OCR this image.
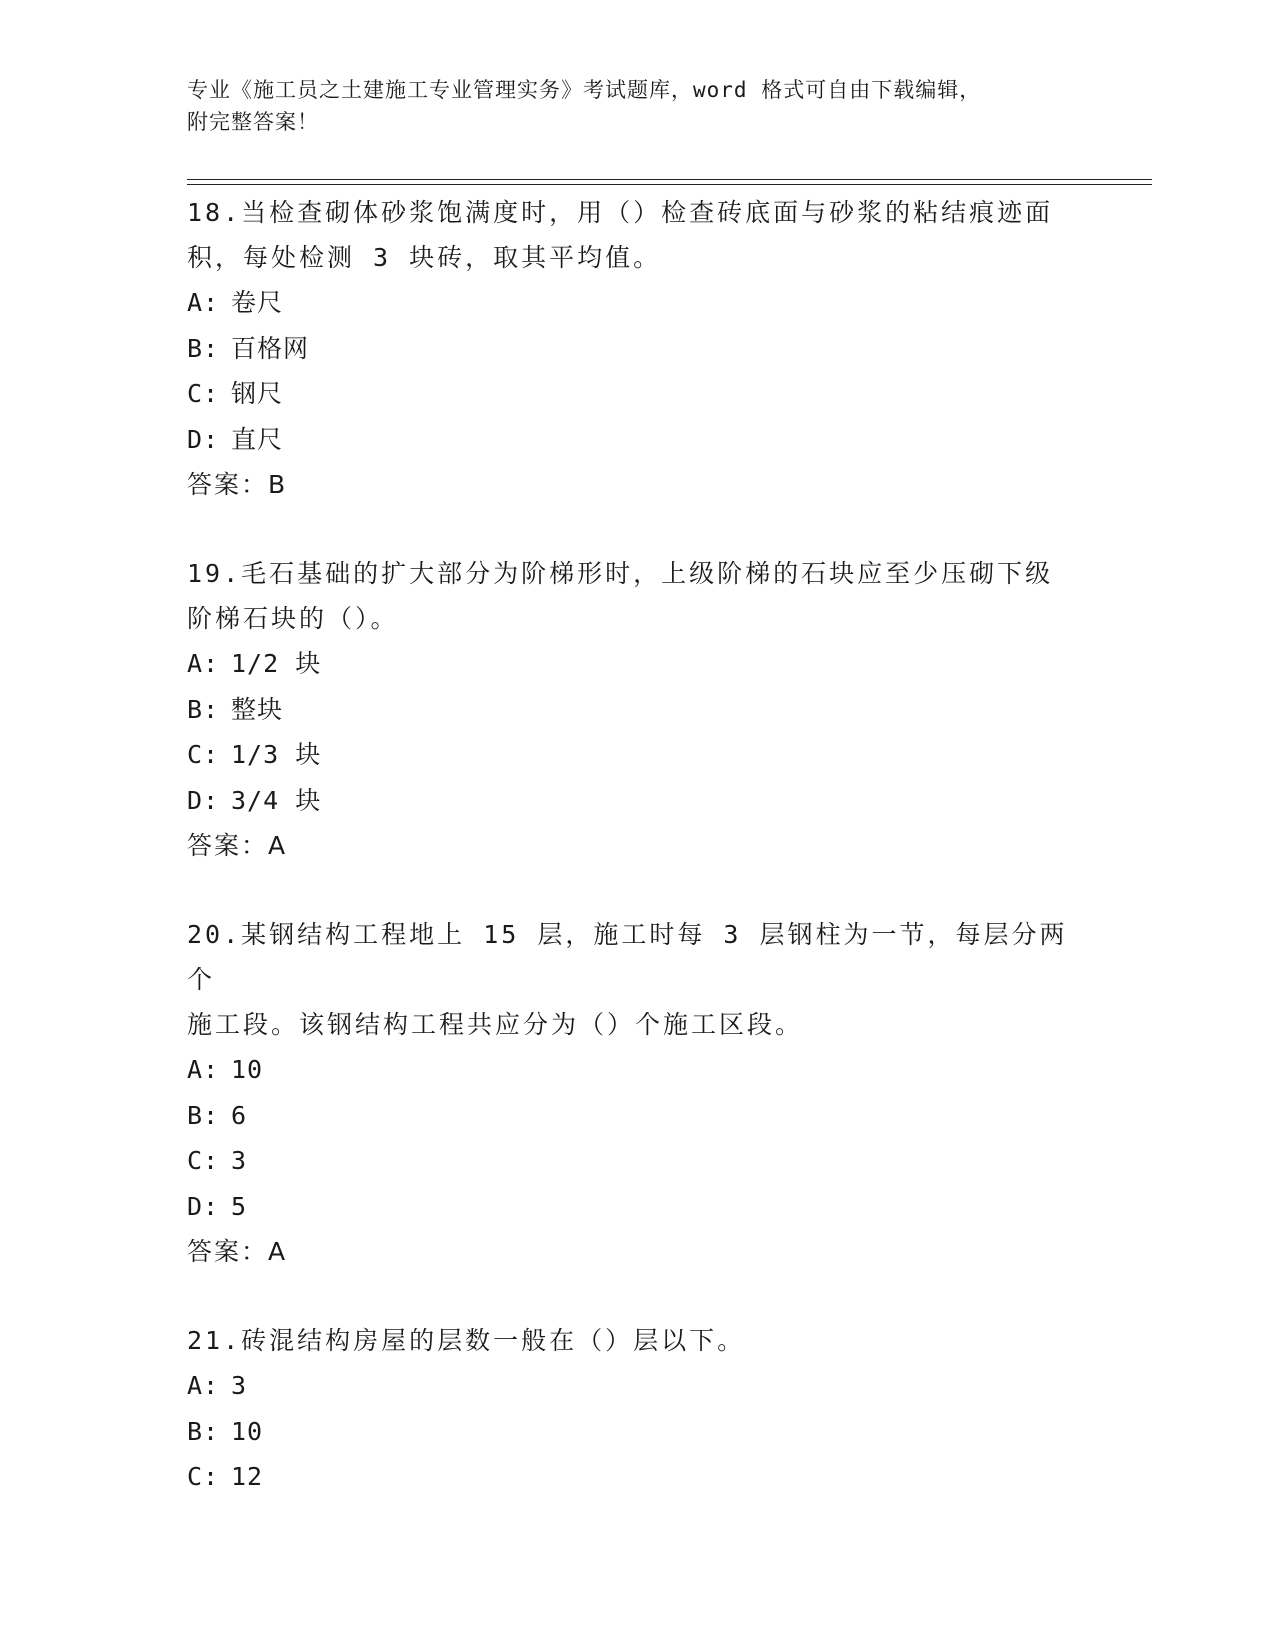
专业《施工员之土建施工专业管理实务》考试题库，word 格式可自由下载编辑，
附完整答案！

18.当检查砌体砂浆饱满度时，用（）检查砖底面与砂浆的粘结痕迹面

积，每处检测 3 块砖，取其平均值。

A: 卷尺

B: 百格网

C: 钢尺

D: 直尺

答案：B

19.毛石基础的扩大部分为阶梯形时，上级阶梯的石块应至少压砌下级

阶梯石块的（）。

A: 1/2 块

B: 整块

C: 1/3 块

D: 3/4 块

答案：A

20.某钢结构工程地上 15 层，施工时每 3 层钢柱为一节，每层分两个

施工段。该钢结构工程共应分为（）个施工区段。

A: 10

B: 6

C: 3

D: 5

答案：A

21.砖混结构房屋的层数一般在（）层以下。

A: 3

B: 10

C: 12
